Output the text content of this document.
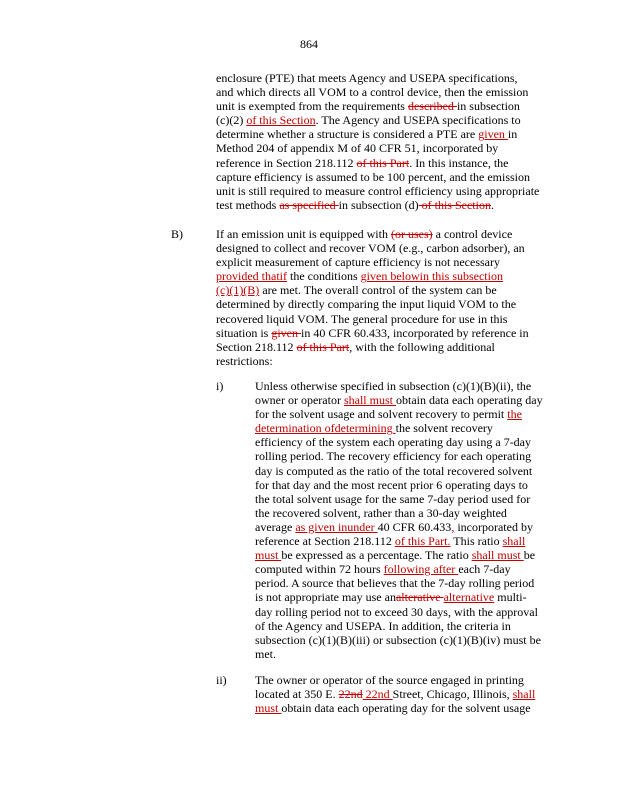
864
enclosure (PTE) that meets Agency and USEPA specifications,
and which directs all VOM to a control device, then the emission
unit is exempted from the requirements described in subsection
(c)(2) of this Section. The Agency and USEPA specifications to
determine whether a structure is considered a PTE are given in
Method 204 of appendix M of 40 CFR 51, incorporated by
reference in Section 218.112 of this Part. In this instance, the
capture efficiency is assumed to be 100 percent, and the emission
unit is still required to measure control efficiency using appropriate
test methods as specified in subsection (d) of this Section.
B)	If an emission unit is equipped with (or uses) a control device
designed to collect and recover VOM (e.g., carbon adsorber), an
explicit measurement of capture efficiency is not necessary
provided thatif the conditions given belowin this subsection
(c)(1)(B) are met. The overall control of the system can be
determined by directly comparing the input liquid VOM to the
recovered liquid VOM. The general procedure for use in this
situation is given in 40 CFR 60.433, incorporated by reference in
Section 218.112 of this Part, with the following additional
restrictions:
i)	Unless otherwise specified in subsection (c)(1)(B)(ii), the
owner or operator shall must obtain data each operating day
for the solvent usage and solvent recovery to permit the
determination ofdetermining the solvent recovery
efficiency of the system each operating day using a 7-day
rolling period. The recovery efficiency for each operating
day is computed as the ratio of the total recovered solvent
for that day and the most recent prior 6 operating days to
the total solvent usage for the same 7-day period used for
the recovered solvent, rather than a 30-day weighted
average as given inunder 40 CFR 60.433, incorporated by
reference at Section 218.112 of this Part. This ratio shall
must be expressed as a percentage. The ratio shall must be
computed within 72 hours following after each 7-day
period. A source that believes that the 7-day rolling period
is not appropriate may use analterative alternative multi-
day rolling period not to exceed 30 days, with the approval
of the Agency and USEPA. In addition, the criteria in
subsection (c)(1)(B)(iii) or subsection (c)(1)(B)(iv) must be
met.
ii) The owner or operator of the source engaged in printing
located at 350 E. 22nd 22nd Street, Chicago, Illinois, shall
must obtain data each operating day for the solvent usage
